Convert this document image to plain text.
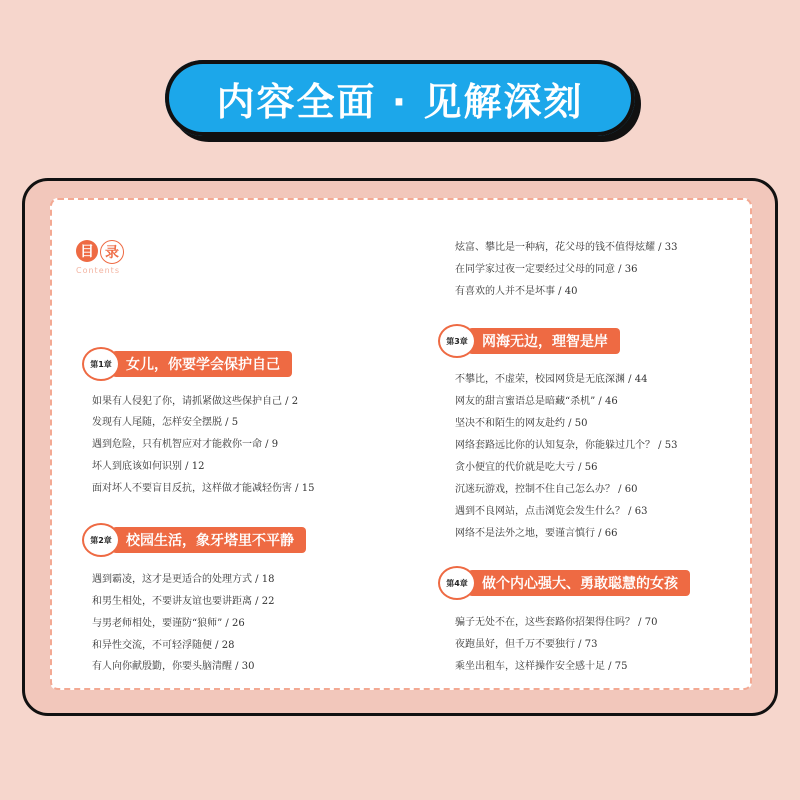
内容全面 · 见解深刻
目 录
Contents
第1章	女儿，你要学会保护自己
如果有人侵犯了你，请抓紧做这些保护自己 / 2
发现有人尾随，怎样安全摆脱 / 5
遇到危险，只有机智应对才能救你一命 / 9
坏人到底该如何识别 / 12
面对坏人不要盲目反抗，这样做才能减轻伤害 / 15
第2章	校园生活，象牙塔里不平静
遇到霸凌，这才是更适合的处理方式 / 18
和男生相处，不要讲友谊也要讲距离 / 22
与男老师相处，要谨防“狼师” / 26
和异性交流，不可轻浮随便 / 28
有人向你献殷勤，你要头脑清醒 / 30
炫富、攀比是一种病，花父母的钱不值得炫耀 / 33
在同学家过夜一定要经过父母的同意 / 36
有喜欢的人并不是坏事 / 40
第3章	网海无边，理智是岸
不攀比，不虚荣，校园网贷是无底深渊 / 44
网友的甜言蜜语总是暗藏“杀机” / 46
坚决不和陌生的网友赴约 / 50
网络套路远比你的认知复杂，你能躲过几个？ / 53
贪小便宜的代价就是吃大亏 / 56
沉迷玩游戏，控制不住自己怎么办？ / 60
遇到不良网站，点击浏览会发生什么？ / 63
网络不是法外之地，要谨言慎行 / 66
第4章	做个内心强大、勇敢聪慧的女孩
骗子无处不在，这些套路你招架得住吗？ / 70
夜跑虽好，但千万不要独行 / 73
乘坐出租车，这样操作安全感十足 / 75
